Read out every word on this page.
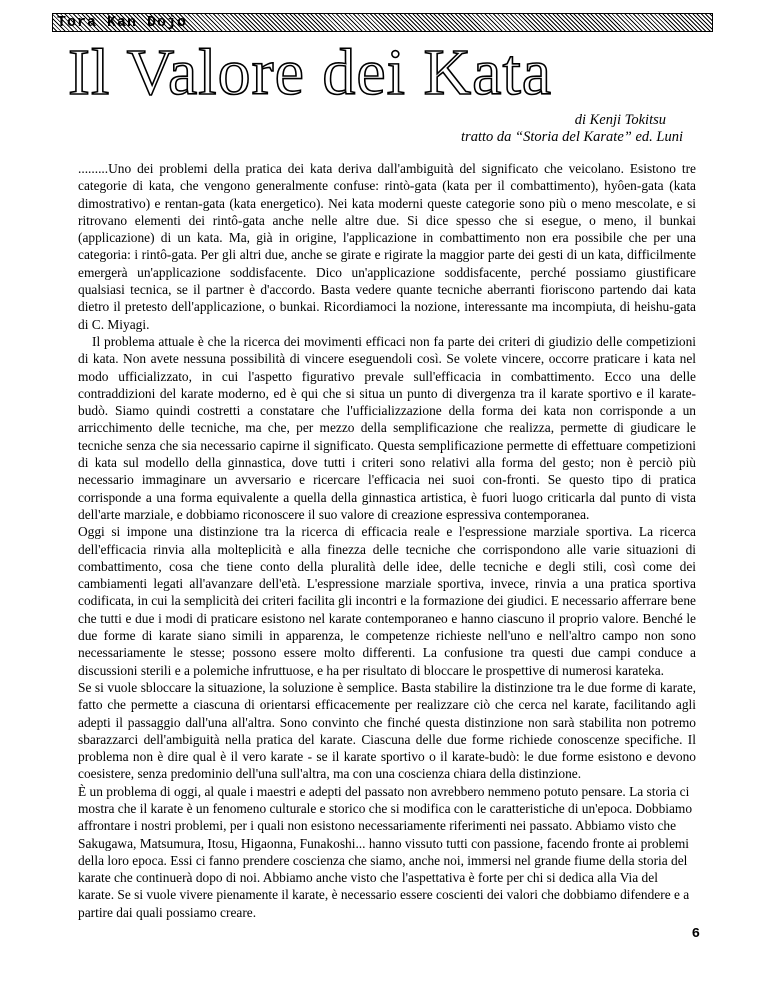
Tora Kan Dojo
Il Valore dei Kata
di Kenji Tokitsu
tratto da “Storia del Karate” ed. Luni

.........Uno dei problemi della pratica dei kata deriva dall'ambiguità del significato che veicolano. Esistono tre categorie di kata, che vengono generalmente confuse: rintò-gata (kata per il combattimento), hyôen-gata (kata dimostrativo) e rentan-gata (kata energetico). Nei kata moderni queste categorie sono più o meno mescolate, e si ritrovano elementi dei rintô-gata anche nelle altre due. Si dice spesso che si esegue, o meno, il bunkai (applicazione) di un kata. Ma, già in origine, l'applicazione in combattimento non era possibile che per una categoria: i rintô-gata. Per gli altri due, anche se girate e rigirate la maggior parte dei gesti di un kata, difficilmente emergerà un'applicazione soddisfacente. Dico un'applicazione soddisfacente, perché possiamo giustificare qualsiasi tecnica, se il partner è d'accordo. Basta vedere quante tecniche aberranti fioriscono partendo dai kata dietro il pretesto dell'applicazione, o bunkai. Ricordiamoci la nozione, interessante ma incompiuta, di heishu-gata di C. Miyagi.

Il problema attuale è che la ricerca dei movimenti efficaci non fa parte dei criteri di giudizio delle competizioni di kata. Non avete nessuna possibilità di vincere eseguendoli così. Se volete vincere, occorre praticare i kata nel modo ufficializzato, in cui l'aspetto figurativo prevale sull'efficacia in combattimento. Ecco una delle contraddizioni del karate moderno, ed è qui che si situa un punto di divergenza tra il karate sportivo e il karate-budò. Siamo quindi costretti a constatare che l'ufficializzazione della forma dei kata non corrisponde a un arricchimento delle tecniche, ma che, per mezzo della semplificazione che realizza, permette di giudicare le tecniche senza che sia necessario capirne il significato. Questa semplificazione permette di effettuare competizioni di kata sul modello della ginnastica, dove tutti i criteri sono relativi alla forma del gesto; non è perciò più necessario immaginare un avversario e ricercare l'efficacia nei suoi con-fronti. Se questo tipo di pratica corrisponde a una forma equivalente a quella della ginnastica artistica, è fuori luogo criticarla dal punto di vista dell'arte marziale, e dobbiamo riconoscere il suo valore di creazione espressiva contemporanea.

Oggi si impone una distinzione tra la ricerca di efficacia reale e l'espressione marziale sportiva. La ricerca dell'efficacia rinvia alla molteplicità e alla finezza delle tecniche che corrispondono alle varie situazioni di combattimento, cosa che tiene conto della pluralità delle idee, delle tecniche e degli stili, così come dei cambiamenti legati all'avanzare dell'età. L'espressione marziale sportiva, invece, rinvia a una pratica sportiva codificata, in cui la semplicità dei criteri facilita gli incontri e la formazione dei giudici. E necessario afferrare bene che tutti e due i modi di praticare esistono nel karate contemporaneo e hanno ciascuno il proprio valore. Benché le due forme di karate siano simili in apparenza, le competenze richieste nell'uno e nell'altro campo non sono necessariamente le stesse; possono essere molto differenti. La confusione tra questi due campi conduce a discussioni sterili e a polemiche infruttuose, e ha per risultato di bloccare le prospettive di numerosi karateka.

Se si vuole sbloccare la situazione, la soluzione è semplice. Basta stabilire la distinzione tra le due forme di karate, fatto che permette a ciascuna di orientarsi efficacemente per realizzare ciò che cerca nel karate, facilitando agli adepti il passaggio dall'una all'altra. Sono convinto che finché questa distinzione non sarà stabilita non potremo sbarazzarci dell'ambiguità nella pratica del karate. Ciascuna delle due forme richiede conoscenze specifiche. Il problema non è dire qual è il vero karate - se il karate sportivo o il karate-budò: le due forme esistono e devono coesistere, senza predominio dell'una sull'altra, ma con una coscienza chiara della distinzione.

È un problema di oggi, al quale i maestri e adepti del passato non avrebbero nemmeno potuto pensare. La storia ci mostra che il karate è un fenomeno culturale e storico che si modifica con le caratteristiche di un'epoca. Dobbiamo affrontare i nostri problemi, per i quali non esistono necessariamente riferimenti nei passato. Abbiamo visto che Sakugawa, Matsumura, Itosu, Higaonna, Funakoshi... hanno vissuto tutti con passione, facendo fronte ai problemi della loro epoca. Essi ci fanno prendere coscienza che siamo, anche noi, immersi nel grande fiume della storia del karate che continuerà dopo di noi. Abbiamo anche visto che l'aspettativa è forte per chi si dedica alla Via del karate. Se si vuole vivere pienamente il karate, è necessario essere coscienti dei valori che dobbiamo difendere e a partire dai quali possiamo creare.

6
